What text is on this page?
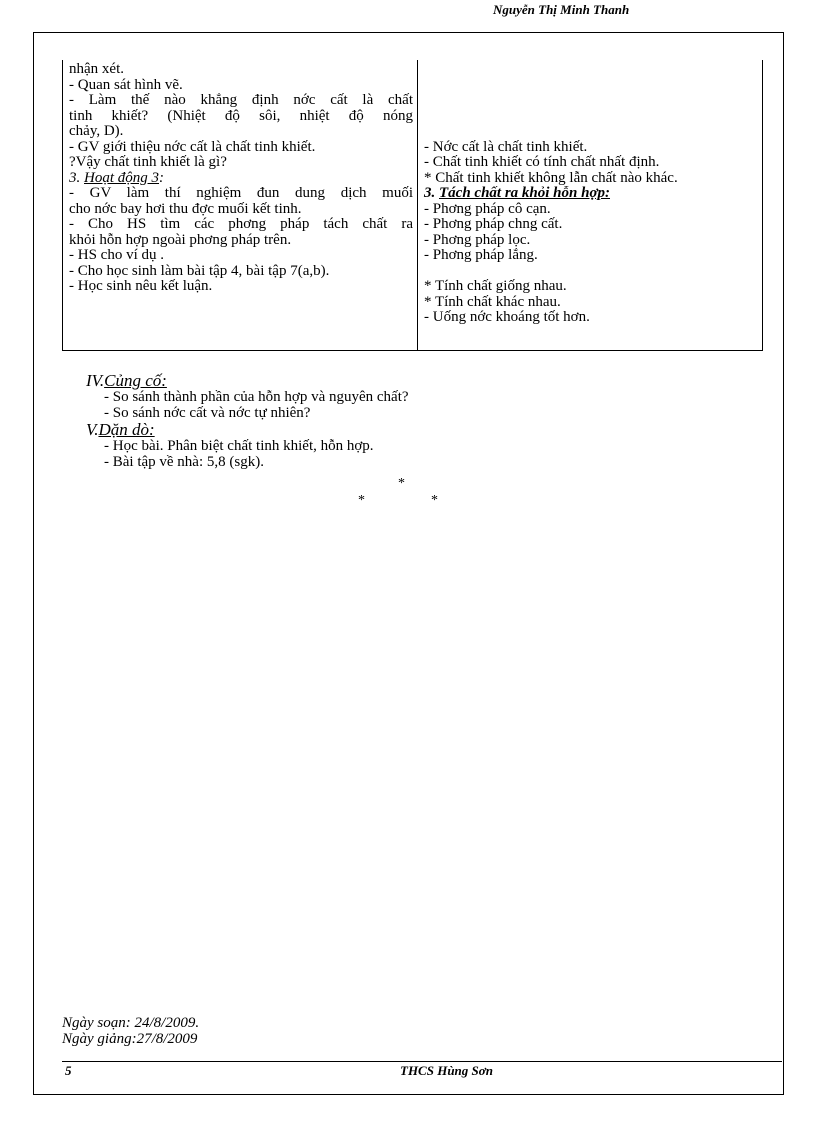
Nguyễn Thị Minh Thanh
nhận xét.
- Quan sát hình vẽ.
- Làm thế nào khẳng định nớc cất là chất
tinh khiết? (Nhiệt độ sôi, nhiệt độ nóng
chảy, D).
- GV giới thiệu nớc cất là chất tinh khiết.
?Vậy chất tinh khiết là gì?
3. Hoạt động 3:
- GV làm thí nghiệm đun dung dịch muối
cho nớc bay hơi thu đợc muối kết tinh.
- Cho HS tìm các phơng pháp tách chất ra
khỏi hỗn hợp ngoài phơng pháp trên.
- HS cho ví dụ .
- Cho học sinh làm bài tập 4, bài tập 7(a,b).
- Học sinh nêu kết luận.
- Nớc cất là chất tinh khiết.
- Chất tinh khiết có tính chất nhất định.
* Chất tinh khiết không lẫn chất nào khác.
3. Tách chất ra khỏi hỗn hợp:
- Phơng pháp cô cạn.
- Phơng pháp chng cất.
- Phơng pháp lọc.
- Phơng pháp lắng.
* Tính chất giống nhau.
* Tính chất khác nhau.
- Uống nớc khoáng tốt hơn.
IV.Củng cố:
- So sánh thành phần của hỗn hợp và nguyên chất?
- So sánh nớc cất và nớc tự nhiên?
V.Dặn dò:
- Học bài. Phân biệt chất tinh khiết, hỗn hợp.
- Bài tập về nhà: 5,8 (sgk).
*
*	*
Ngày soạn: 24/8/2009.
Ngày giảng:27/8/2009
5	THCS Hùng Sơn
